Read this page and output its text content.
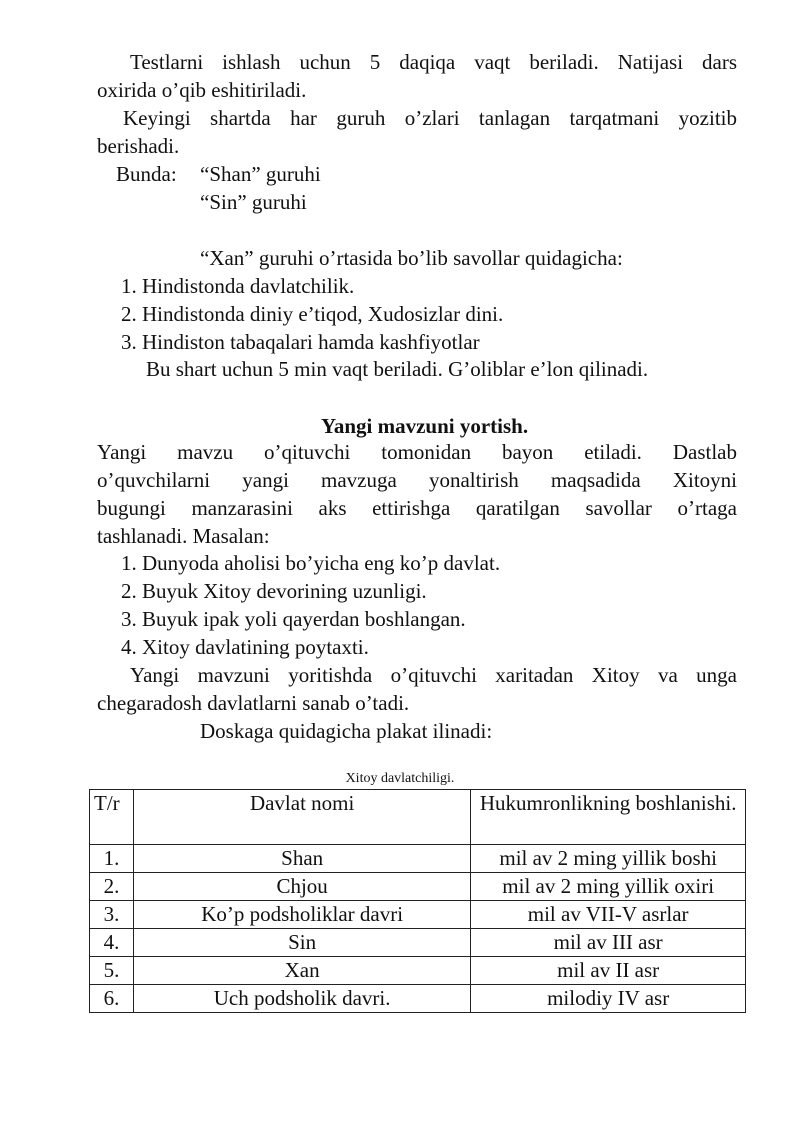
Testlarni ishlash uchun 5 daqiqa vaqt beriladi. Natijasi dars
oxirida o’qib eshitiriladi.
Keyingi shartda har guruh o’zlari tanlagan tarqatmani yozitib
berishadi.
Bunda: “Shan” guruhi
“Sin” guruhi
“Xan” guruhi o’rtasida bo’lib savollar quidagicha:
1. Hindistonda davlatchilik.
2. Hindistonda diniy e’tiqod, Xudosizlar dini.
3. Hindiston tabaqalari hamda kashfiyotlar
Bu shart uchun 5 min vaqt beriladi. G’oliblar e’lon qilinadi.
Yangi mavzuni yortish.
Yangi mavzu o’qituvchi tomonidan bayon etiladi. Dastlab
o’quvchilarni yangi mavzuga yonaltirish maqsadida Xitoyni
bugungi manzarasini aks ettirishga qaratilgan savollar o’rtaga
tashlanadi. Masalan:
1. Dunyoda aholisi bo’yicha eng ko’p davlat.
2. Buyuk Xitoy devorining uzunligi.
3. Buyuk ipak yoli qayerdan boshlangan.
4. Xitoy davlatining poytaxti.
Yangi mavzuni yoritishda o’qituvchi xaritadan Xitoy va unga
chegaradosh davlatlarni sanab o’tadi.
Doskaga quidagicha plakat ilinadi:
Xitoy davlatchiligi.
T/r	Davlat nomi	Hukumronlikning boshlanishi.
1.	Shan	mil av 2 ming yillik boshi
2.	Chjou	mil av 2 ming yillik oxiri
3.	Ko’p podsholiklar davri	mil av VII-V asrlar
4.	Sin	mil av III asr
5.	Xan	mil av II asr
6.	Uch podsholik davri.	milodiy IV asr
